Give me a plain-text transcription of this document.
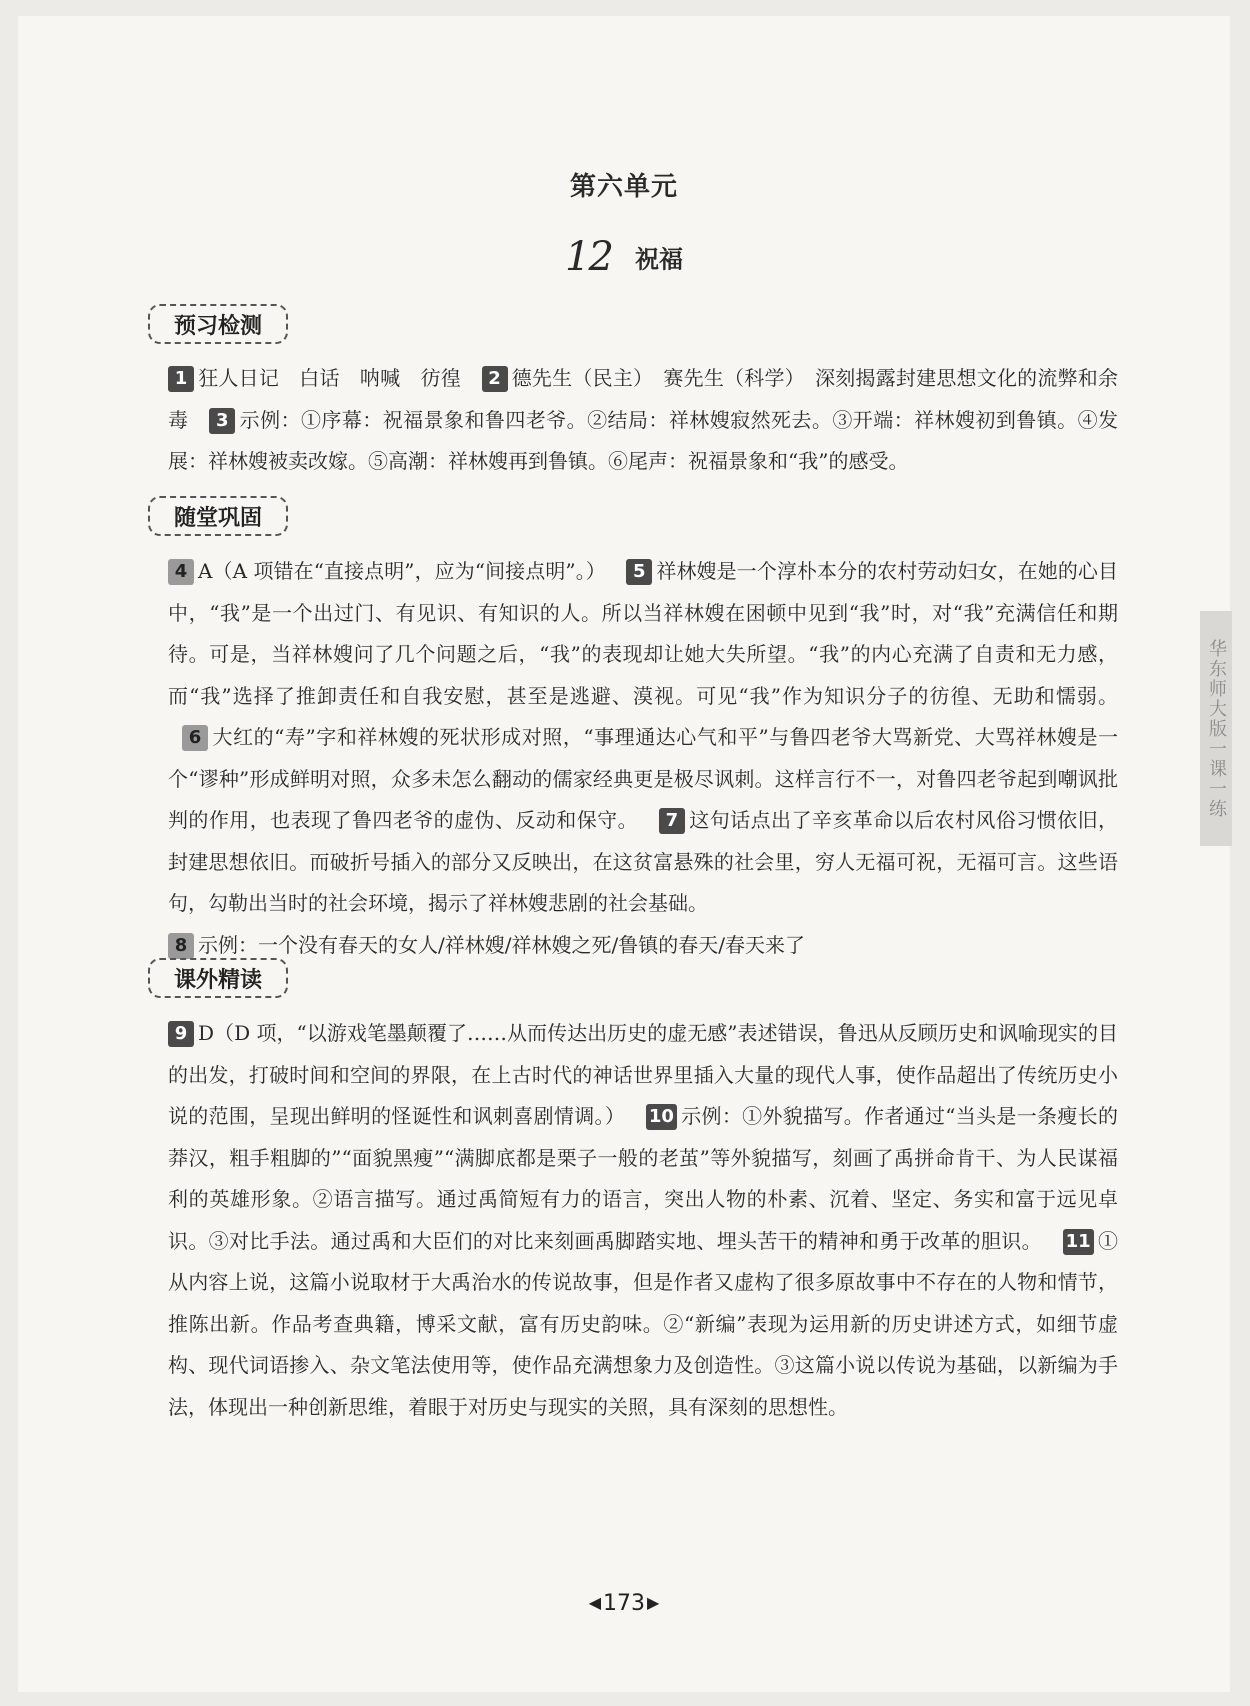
第六单元
12 祝福
预习检测
1 狂人日记　白话　呐喊　彷徨 2 德先生（民主）　赛先生（科学）　深刻揭露封建思想文化的流弊和余毒 3 示例：①序幕：祝福景象和鲁四老爷。②结局：祥林嫂寂然死去。③开端：祥林嫂初到鲁镇。④发展：祥林嫂被卖改嫁。⑤高潮：祥林嫂再到鲁镇。⑥尾声：祝福景象和“我”的感受。
随堂巩固
4 A（A 项错在“直接点明”，应为“间接点明”。） 5 祥林嫂是一个淳朴本分的农村劳动妇女，在她的心目中，“我”是一个出过门、有见识、有知识的人。所以当祥林嫂在困顿中见到“我”时，对“我”充满信任和期待。可是，当祥林嫂问了几个问题之后，“我”的表现却让她大失所望。“我”的内心充满了自责和无力感，而“我”选择了推卸责任和自我安慰，甚至是逃避、漠视。可见“我”作为知识分子的彷徨、无助和懦弱。 6 大红的“寿”字和祥林嫂的死状形成对照，“事理通达心气和平”与鲁四老爷大骂新党、大骂祥林嫂是一个“谬种”形成鲜明对照，众多未怎么翻动的儒家经典更是极尽讽刺。这样言行不一，对鲁四老爷起到嘲讽批判的作用，也表现了鲁四老爷的虚伪、反动和保守。 7 这句话点出了辛亥革命以后农村风俗习惯依旧，封建思想依旧。而破折号插入的部分又反映出，在这贫富悬殊的社会里，穷人无福可祝，无福可言。这些语句，勾勒出当时的社会环境，揭示了祥林嫂悲剧的社会基础。
8 示例：一个没有春天的女人/祥林嫂/祥林嫂之死/鲁镇的春天/春天来了
课外精读
9 D（D 项，“以游戏笔墨颠覆了……从而传达出历史的虚无感”表述错误，鲁迅从反顾历史和讽喻现实的目的出发，打破时间和空间的界限，在上古时代的神话世界里插入大量的现代人事，使作品超出了传统历史小说的范围，呈现出鲜明的怪诞性和讽刺喜剧情调。） 10 示例：①外貌描写。作者通过“当头是一条瘦长的莽汉，粗手粗脚的”“面貌黑瘦”“满脚底都是栗子一般的老茧”等外貌描写，刻画了禹拼命肯干、为人民谋福利的英雄形象。②语言描写。通过禹简短有力的语言，突出人物的朴素、沉着、坚定、务实和富于远见卓识。③对比手法。通过禹和大臣们的对比来刻画禹脚踏实地、埋头苦干的精神和勇于改革的胆识。 11 ①从内容上说，这篇小说取材于大禹治水的传说故事，但是作者又虚构了很多原故事中不存在的人物和情节，推陈出新。作品考查典籍，博采文献，富有历史韵味。②“新编”表现为运用新的历史讲述方式，如细节虚构、现代词语掺入、杂文笔法使用等，使作品充满想象力及创造性。③这篇小说以传说为基础，以新编为手法，体现出一种创新思维，着眼于对历史与现实的关照，具有深刻的思想性。
华东师大版一课一练
◀173 ▶
